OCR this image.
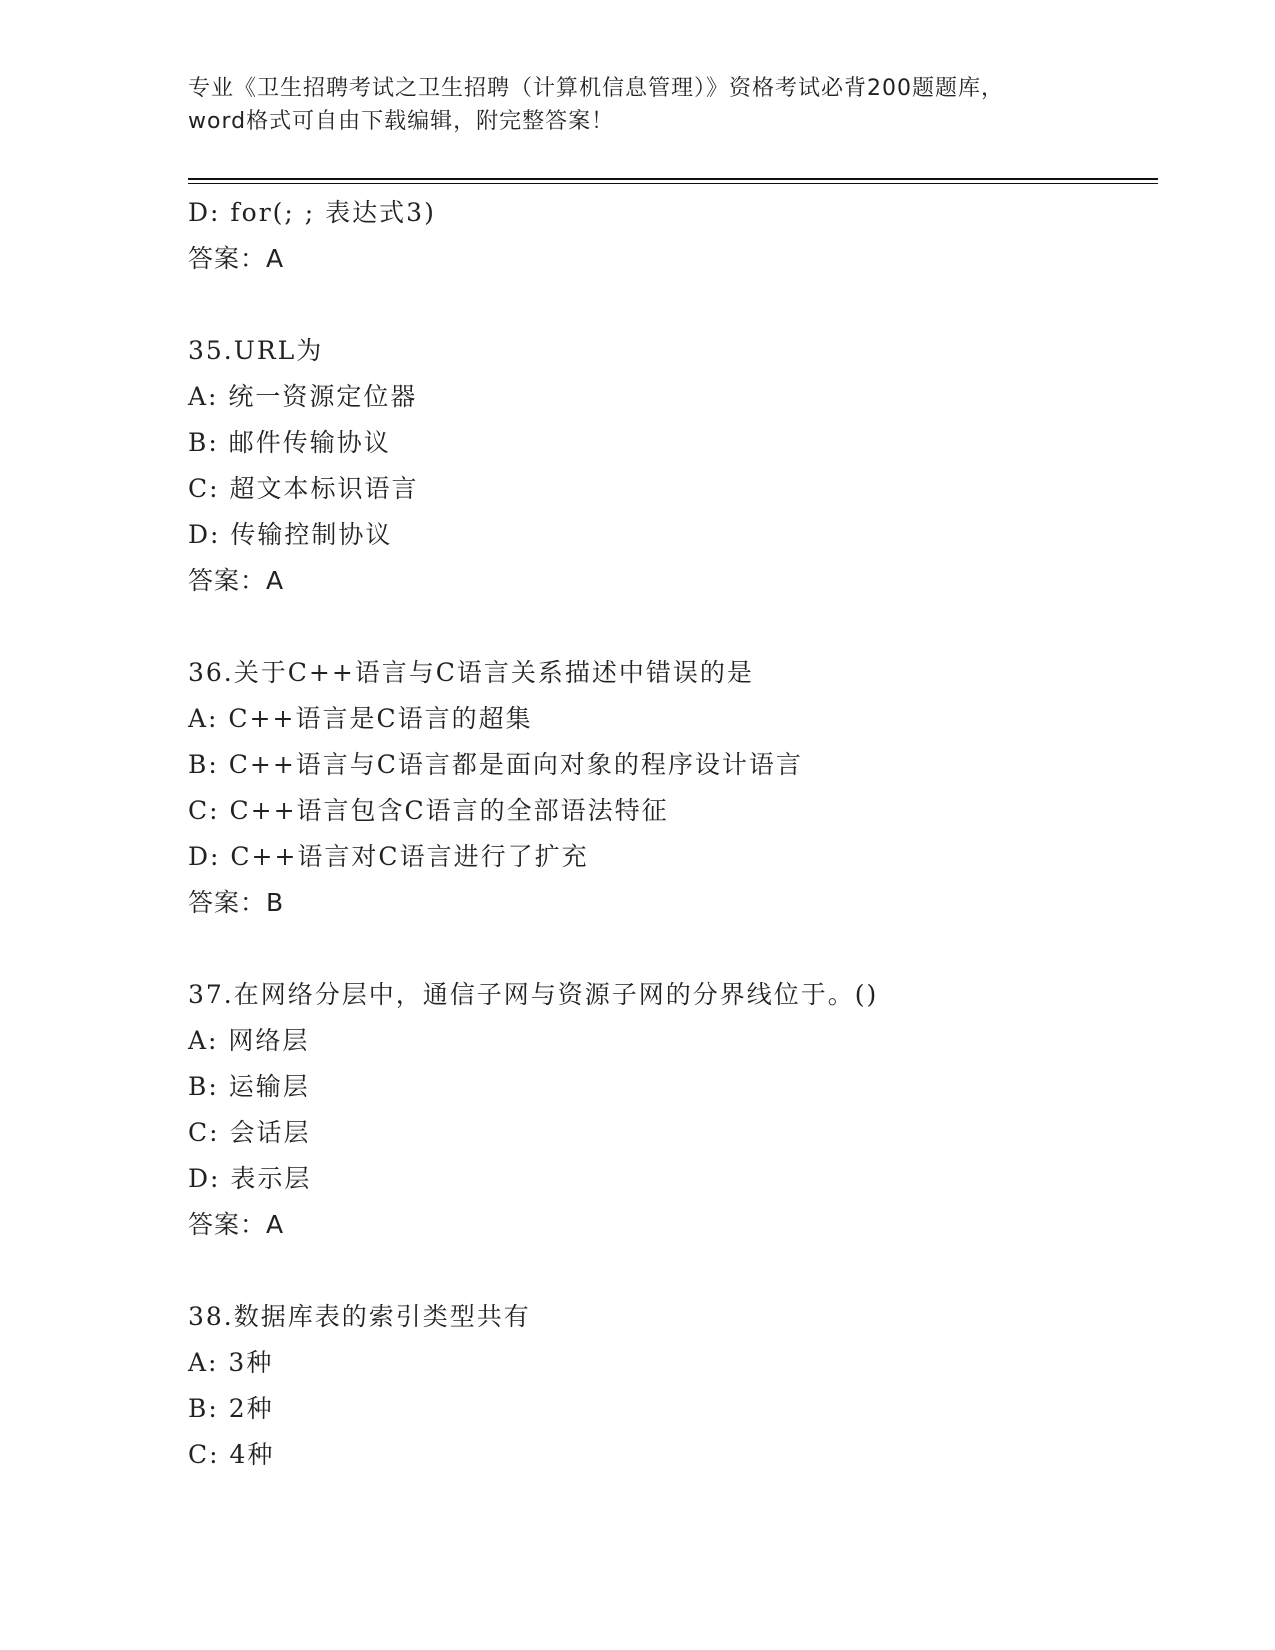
专业《卫生招聘考试之卫生招聘（计算机信息管理）》资格考试必背200题题库，
word格式可自由下载编辑，附完整答案！
D: for(; ; 表达式3)
答案：A
35.URL为
A: 统一资源定位器
B: 邮件传输协议
C: 超文本标识语言
D: 传输控制协议
答案：A
36.关于C++语言与C语言关系描述中错误的是
A: C++语言是C语言的超集
B: C++语言与C语言都是面向对象的程序设计语言
C: C++语言包含C语言的全部语法特征
D: C++语言对C语言进行了扩充
答案：B
37.在网络分层中，通信子网与资源子网的分界线位于。()
A: 网络层
B: 运输层
C: 会话层
D: 表示层
答案：A
38.数据库表的索引类型共有
A: 3种
B: 2种
C: 4种
